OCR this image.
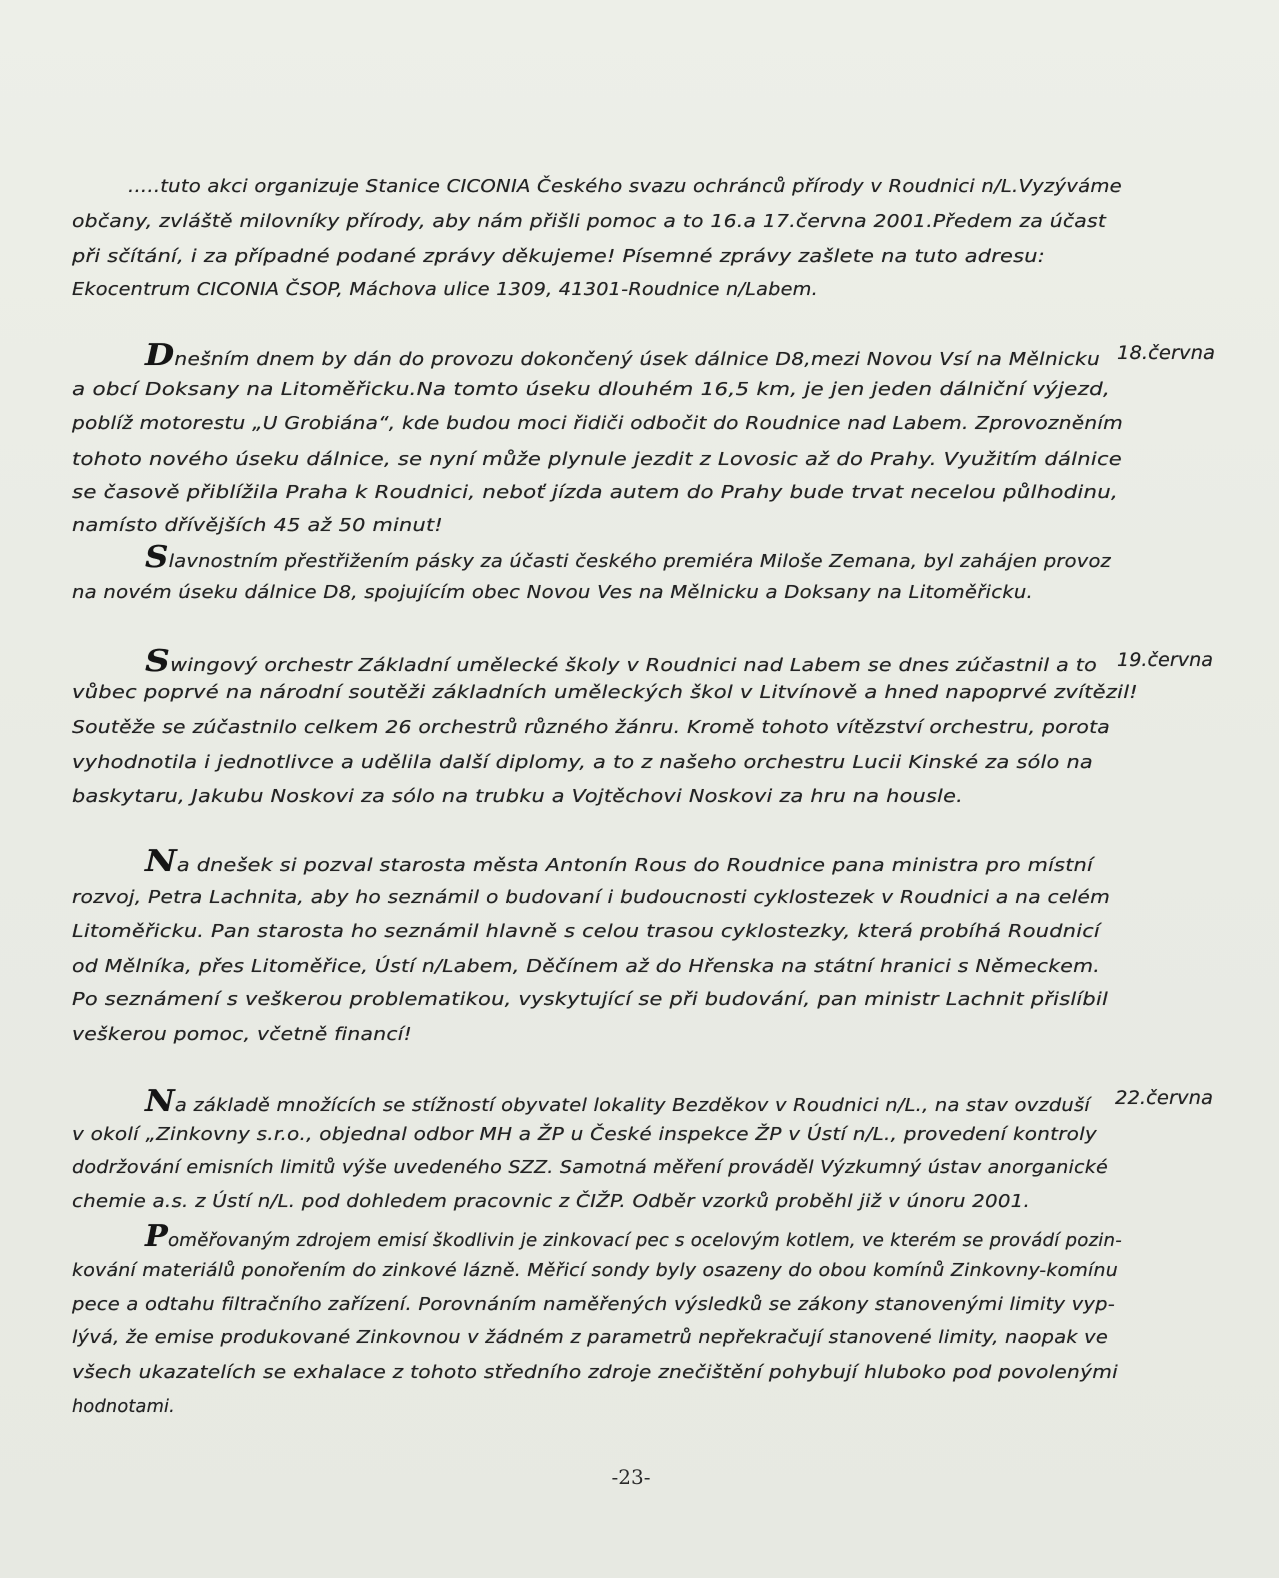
.....tuto akci organizuje Stanice CICONIA Českého svazu ochránců přírody v Roudnici n/L.Vyzýváme
občany, zvláště milovníky přírody, aby nám přišli pomoc a to 16.a 17.června 2001.Předem za účast
při sčítání, i za případné podané zprávy děkujeme! Písemné zprávy zašlete na tuto adresu:
Ekocentrum CICONIA ČSOP, Máchova ulice 1309, 41301-Roudnice n/Labem.
18.června
Dnešním dnem by dán do provozu dokončený úsek dálnice D8,mezi Novou Vsí na Mělnicku
a obcí Doksany na Litoměřicku.Na tomto úseku dlouhém 16,5 km, je jen jeden dálniční výjezd,
poblíž motorestu „U Grobiána“, kde budou moci řidiči odbočit do Roudnice nad Labem. Zprovozněním
tohoto nového úseku dálnice, se nyní může plynule jezdit z Lovosic až do Prahy. Využitím dálnice
se časově přiblížila Praha k Roudnici, neboť jízda autem do Prahy bude trvat necelou půlhodinu,
namísto dřívějších 45 až 50 minut!
Slavnostním přestřižením pásky za účasti českého premiéra Miloše Zemana, byl zahájen provoz
na novém úseku dálnice D8, spojujícím obec Novou Ves na Mělnicku a Doksany na Litoměřicku.
19.června
Swingový orchestr Základní umělecké školy v Roudnici nad Labem se dnes zúčastnil a to
vůbec poprvé na národní soutěži základních uměleckých škol v Litvínově a hned napoprvé zvítězil!
Soutěže se zúčastnilo celkem 26 orchestrů různého žánru. Kromě tohoto vítězství orchestru, porota
vyhodnotila i jednotlivce a udělila další diplomy, a to z našeho orchestru Lucii Kinské za sólo na
baskytaru, Jakubu Noskovi za sólo na trubku a Vojtěchovi Noskovi za hru na housle.
Na dnešek si pozval starosta města Antonín Rous do Roudnice pana ministra pro místní
rozvoj, Petra Lachnita, aby ho seznámil o budovaní i budoucnosti cyklostezek v Roudnici a na celém
Litoměřicku. Pan starosta ho seznámil hlavně s celou trasou cyklostezky, která probíhá Roudnicí
od Mělníka, přes Litoměřice, Ústí n/Labem, Děčínem až do Hřenska na státní hranici s Německem.
Po seznámení s veškerou problematikou, vyskytující se při budování, pan ministr Lachnit přislíbil
veškerou pomoc, včetně financí!
22.června
Na základě množících se stížností obyvatel lokality Bezděkov v Roudnici n/L., na stav ovzduší
v okolí „Zinkovny s.r.o., objednal odbor MH a ŽP u České inspekce ŽP v Ústí n/L., provedení kontroly
dodržování emisních limitů výše uvedeného SZZ. Samotná měření prováděl Výzkumný ústav anorganické
chemie a.s. z Ústí n/L. pod dohledem pracovnic z ČIŽP. Odběr vzorků proběhl již v únoru 2001.
Poměřovaným zdrojem emisí škodlivin je zinkovací pec s ocelovým kotlem, ve kterém se provádí pozin-
kování materiálů ponořením do zinkové lázně. Měřicí sondy byly osazeny do obou komínů Zinkovny-komínu
pece a odtahu filtračního zařízení. Porovnáním naměřených výsledků se zákony stanovenými limity vyp-
lývá, že emise produkované Zinkovnou v žádném z parametrů nepřekračují stanovené limity, naopak ve
všech ukazatelích se exhalace z tohoto středního zdroje znečištění pohybují hluboko pod povolenými
hodnotami.
-23-
